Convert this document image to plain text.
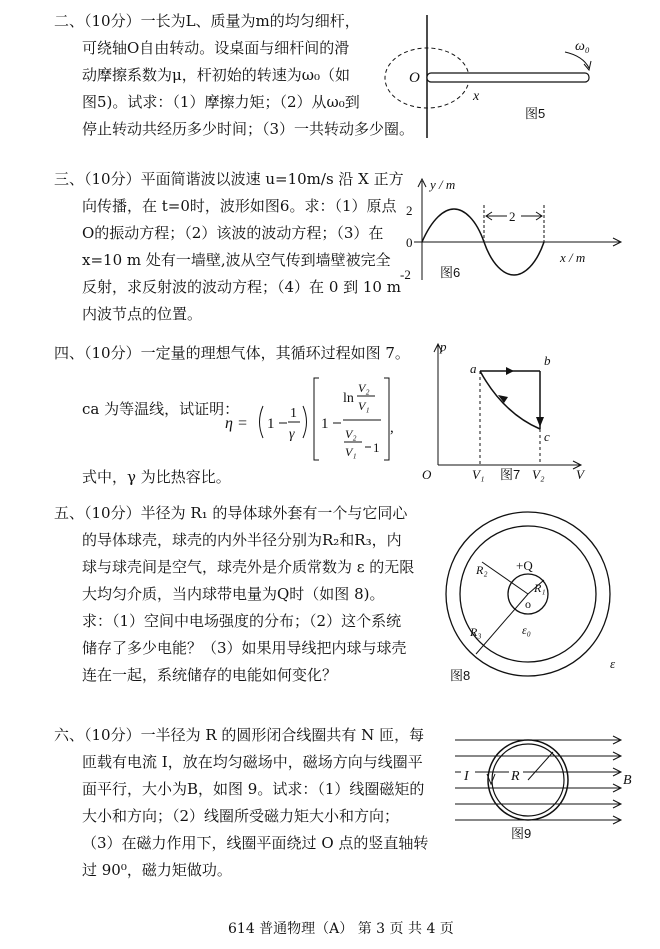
二、（10分）一长为L、质量为m的均匀细杆，
可绕轴O自由转动。设桌面与细杆间的滑
动摩擦系数为μ，杆初始的转速为ω₀（如
图5)。试求：（1）摩擦力矩；（2）从ω₀到
停止转动共经历多少时间；（3）一共转动多少圈。
O
x
ω₀
图5
三、（10分）平面简谐波以波速 u=10m/s 沿 X 正方
向传播，在 t=0时，波形如图6。求：（1）原点
O的振动方程；（2）该波的波动方程；（3）在
x=10 m 处有一墙壁,波从空气传到墙壁被完全
反射，求反射波的波动方程；（4）在 0 到 10 m
内波节点的位置。
2
y / m
x / m
2
0
-2 图6
四、（10分）一定量的理想气体，其循环过程如图 7。
ca 为等温线，试证明：
η = 1
1
γ
1
ln
V₂
V₁
V₂
V₁ 1
,
式中，γ 为比热容比。
p
a
b
c
O	V₁ 图7 V₂ V
五、（10分）半径为 R₁ 的导体球外套有一个与它同心
的导体球壳，球壳的内外半径分别为R₂和R₃，内
球与球壳间是空气，球壳外是介质常数为 ε 的无限
大均匀介质，当内球带电量为Q时（如图 8)。
求：（1）空间中电场强度的分布；（2）这个系统
储存了多少电能？（3）如果用导线把内球与球壳
连在一起，系统储存的电能如何变化？
+Q
R₁
R₂
R₃
o
ε₀
ε
图8
六、（10分）一半径为 R 的圆形闭合线圈共有 N 匝，每
匝载有电流 I，放在均匀磁场中，磁场方向与线圈平
面平行，大小为B，如图 9。试求：（1）线圈磁矩的
大小和方向；（2）线圈所受磁力矩大小和方向；
（3）在磁力作用下，线圈平面绕过 O 点的竖直轴转
过 90⁰，磁力矩做功。
I	R	B⃗
图9
614 普通物理（A） 第 3 页 共 4 页
